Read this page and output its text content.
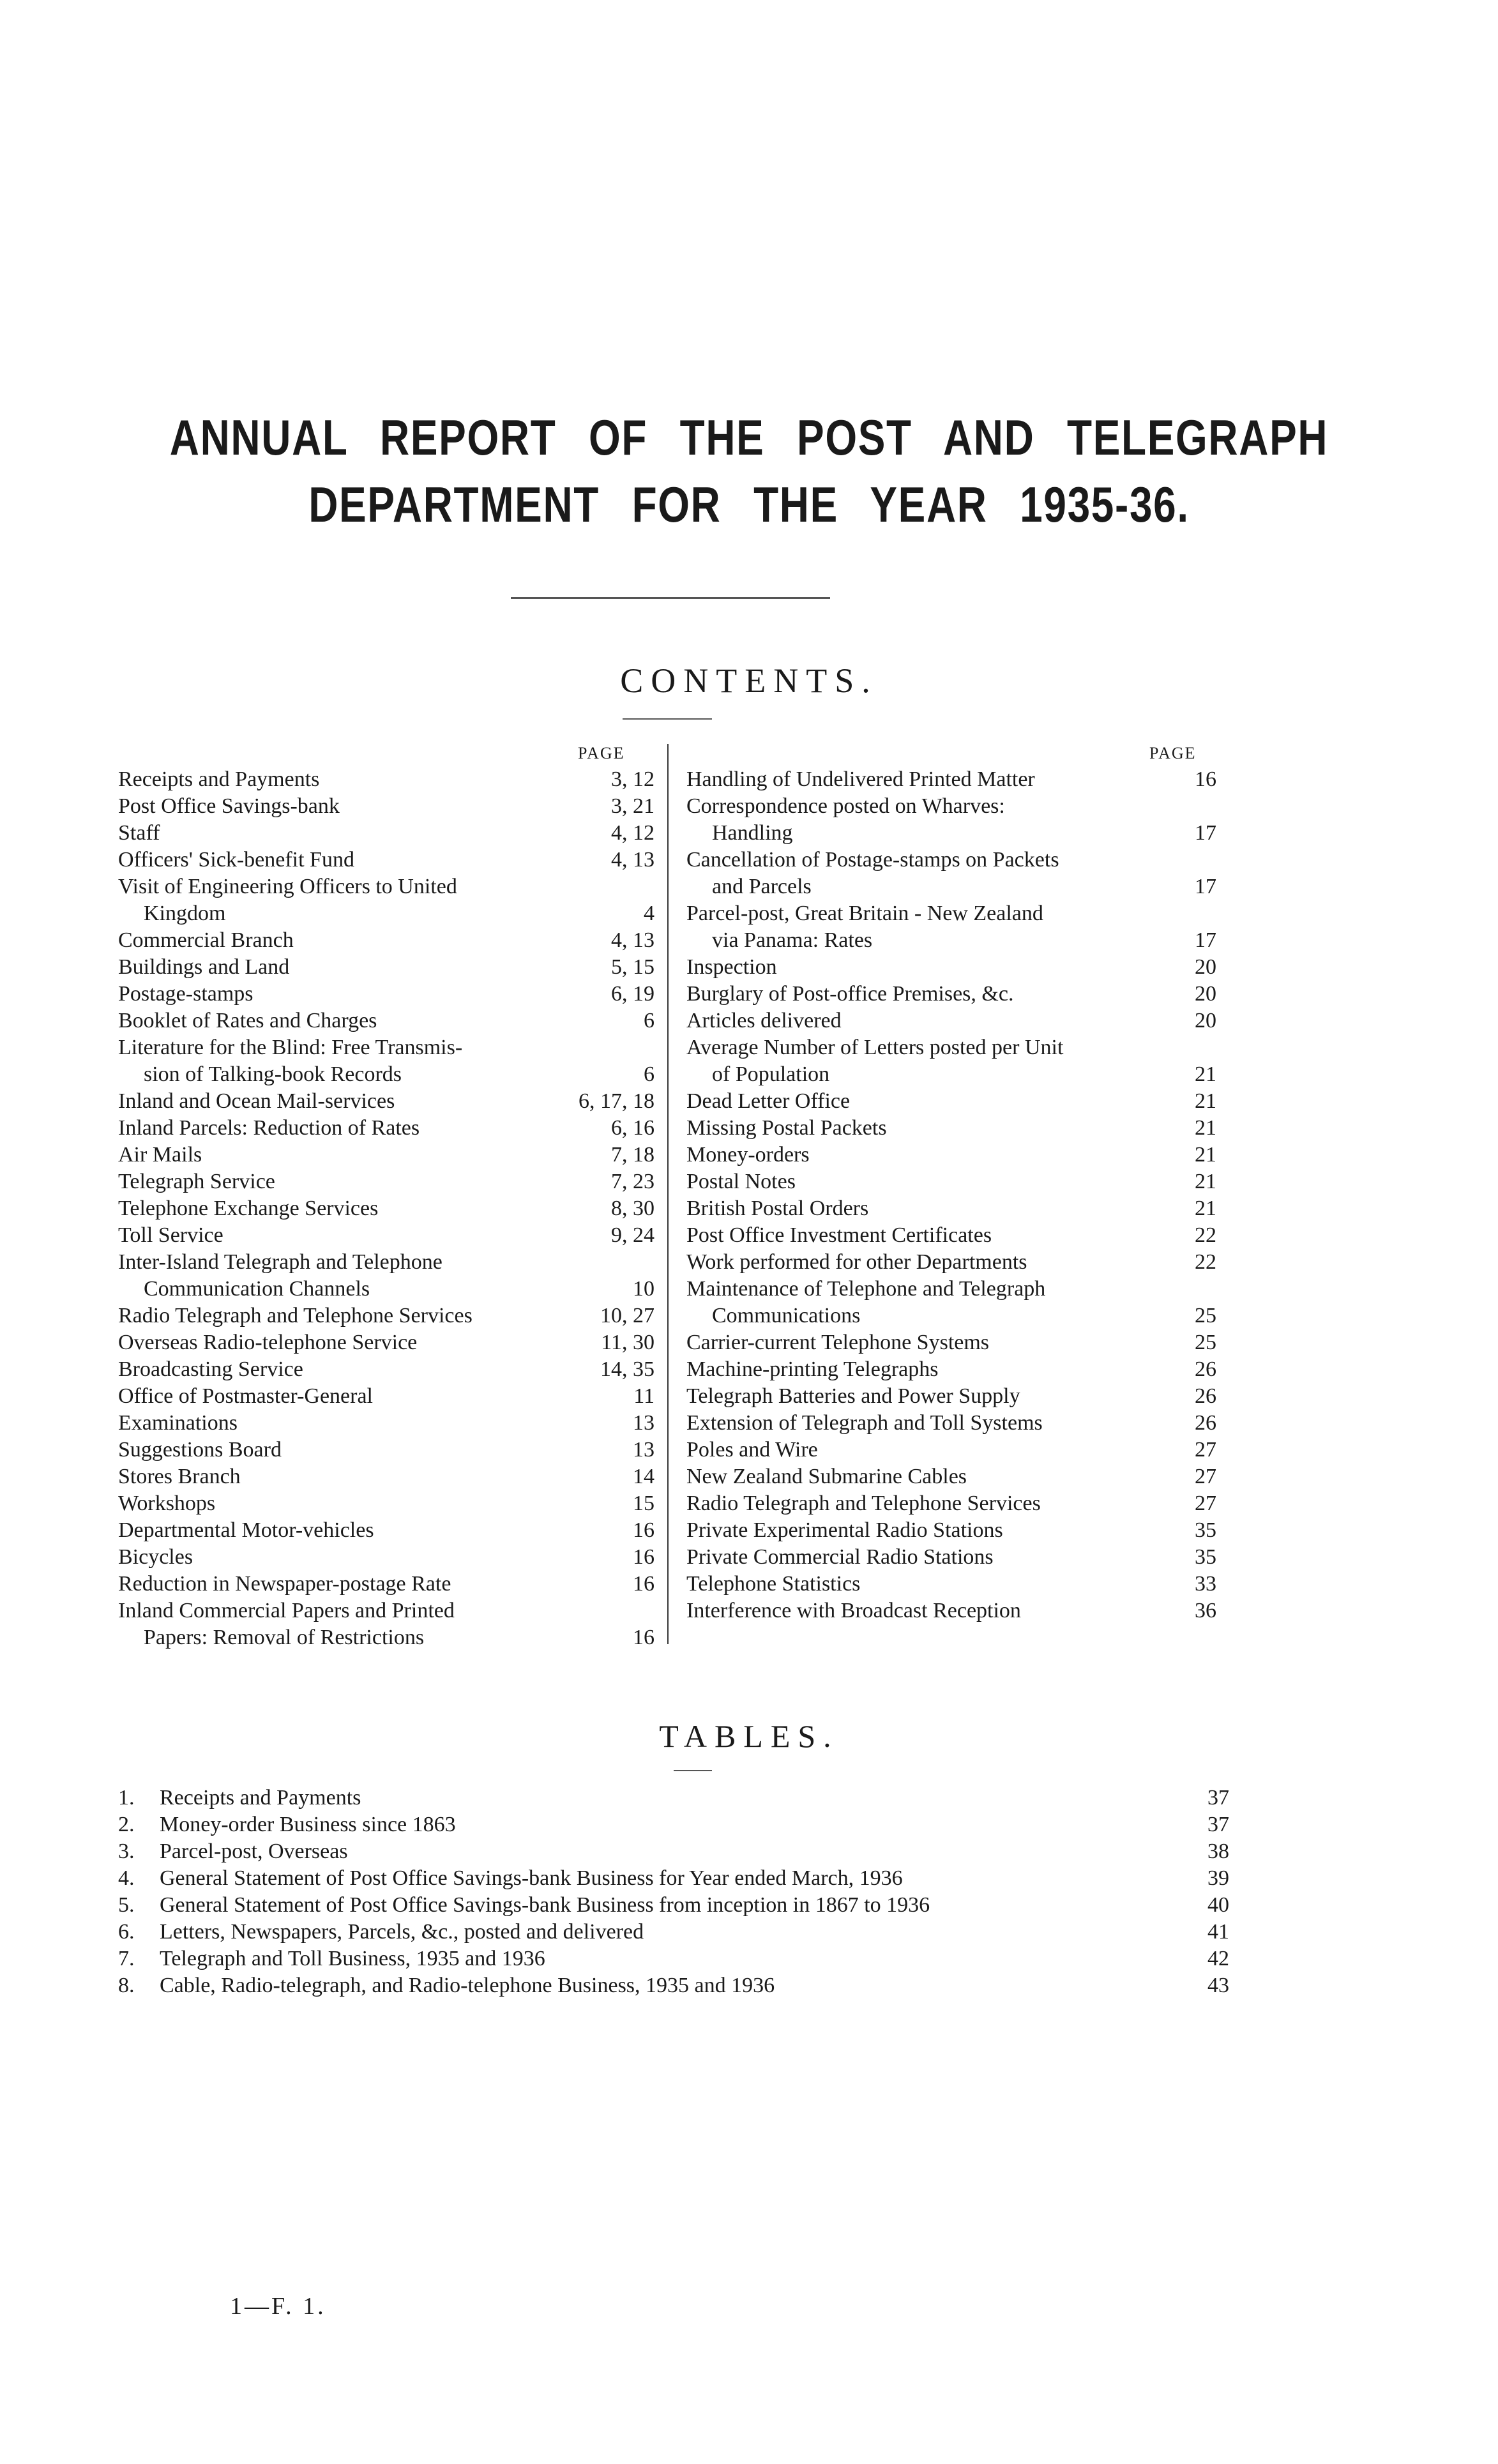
ANNUAL REPORT OF THE POST AND TELEGRAPH
DEPARTMENT FOR THE YEAR 1935-36.
CONTENTS.
PAGE	PAGE
Receipts and Payments	3, 12
Post Office Savings-bank	3, 21
Staff	4, 12
Officers' Sick-benefit Fund	4, 13
Visit of Engineering Officers to United
Kingdom	4
Commercial Branch	4, 13
Buildings and Land	5, 15
Postage-stamps	6, 19
Booklet of Rates and Charges	6
Literature for the Blind: Free Transmis-
sion of Talking-book Records	6
Inland and Ocean Mail-services	6, 17, 18
Inland Parcels: Reduction of Rates	6, 16
Air Mails	7, 18
Telegraph Service	7, 23
Telephone Exchange Services	8, 30
Toll Service	9, 24
Inter-Island Telegraph and Telephone
Communication Channels	10
Radio Telegraph and Telephone Services	10, 27
Overseas Radio-telephone Service	11, 30
Broadcasting Service	14, 35
Office of Postmaster-General	11
Examinations	13
Suggestions Board	13
Stores Branch	14
Workshops	15
Departmental Motor-vehicles	16
Bicycles	16
Reduction in Newspaper-postage Rate	16
Inland Commercial Papers and Printed
Papers: Removal of Restrictions	16
Handling of Undelivered Printed Matter	16
Correspondence posted on Wharves:
Handling	17
Cancellation of Postage-stamps on Packets
and Parcels	17
Parcel-post, Great Britain - New Zealand
via Panama: Rates	17
Inspection	20
Burglary of Post-office Premises, &c.	20
Articles delivered	20
Average Number of Letters posted per Unit
of Population	21
Dead Letter Office	21
Missing Postal Packets	21
Money-orders	21
Postal Notes	21
British Postal Orders	21
Post Office Investment Certificates	22
Work performed for other Departments	22
Maintenance of Telephone and Telegraph
Communications	25
Carrier-current Telephone Systems	25
Machine-printing Telegraphs	26
Telegraph Batteries and Power Supply	26
Extension of Telegraph and Toll Systems	26
Poles and Wire	27
New Zealand Submarine Cables	27
Radio Telegraph and Telephone Services	27
Private Experimental Radio Stations	35
Private Commercial Radio Stations	35
Telephone Statistics	33
Interference with Broadcast Reception	36
TABLES.
1. Receipts and Payments	37
2. Money-order Business since 1863	37
3. Parcel-post, Overseas	38
4. General Statement of Post Office Savings-bank Business for Year ended March, 1936	39
5. General Statement of Post Office Savings-bank Business from inception in 1867 to 1936	40
6. Letters, Newspapers, Parcels, &c., posted and delivered	41
7. Telegraph and Toll Business, 1935 and 1936	42
8. Cable, Radio-telegraph, and Radio-telephone Business, 1935 and 1936	43
1—F. 1.
